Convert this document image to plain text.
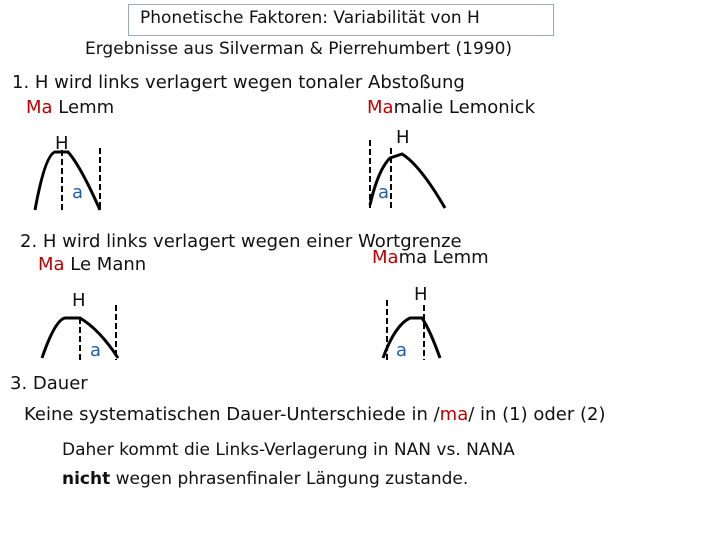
Phonetische Faktoren: Variabilität von H
Ergebnisse aus Silverman & Pierrehumbert (1990)
1. H wird links verlagert wegen tonaler Abstoßung
Ma Lemm	Mamalie Lemonick
H	H
a	a
2. H wird links verlagert wegen einer Wortgrenze
Ma Le Mann	Mama Lemm
H	H
a	a
3. Dauer
Keine systematischen Dauer-Unterschiede in /ma/ in (1) oder (2)
Daher kommt die Links-Verlagerung in NAN vs. NANA
nicht wegen phrasenfinaler Längung zustande.
